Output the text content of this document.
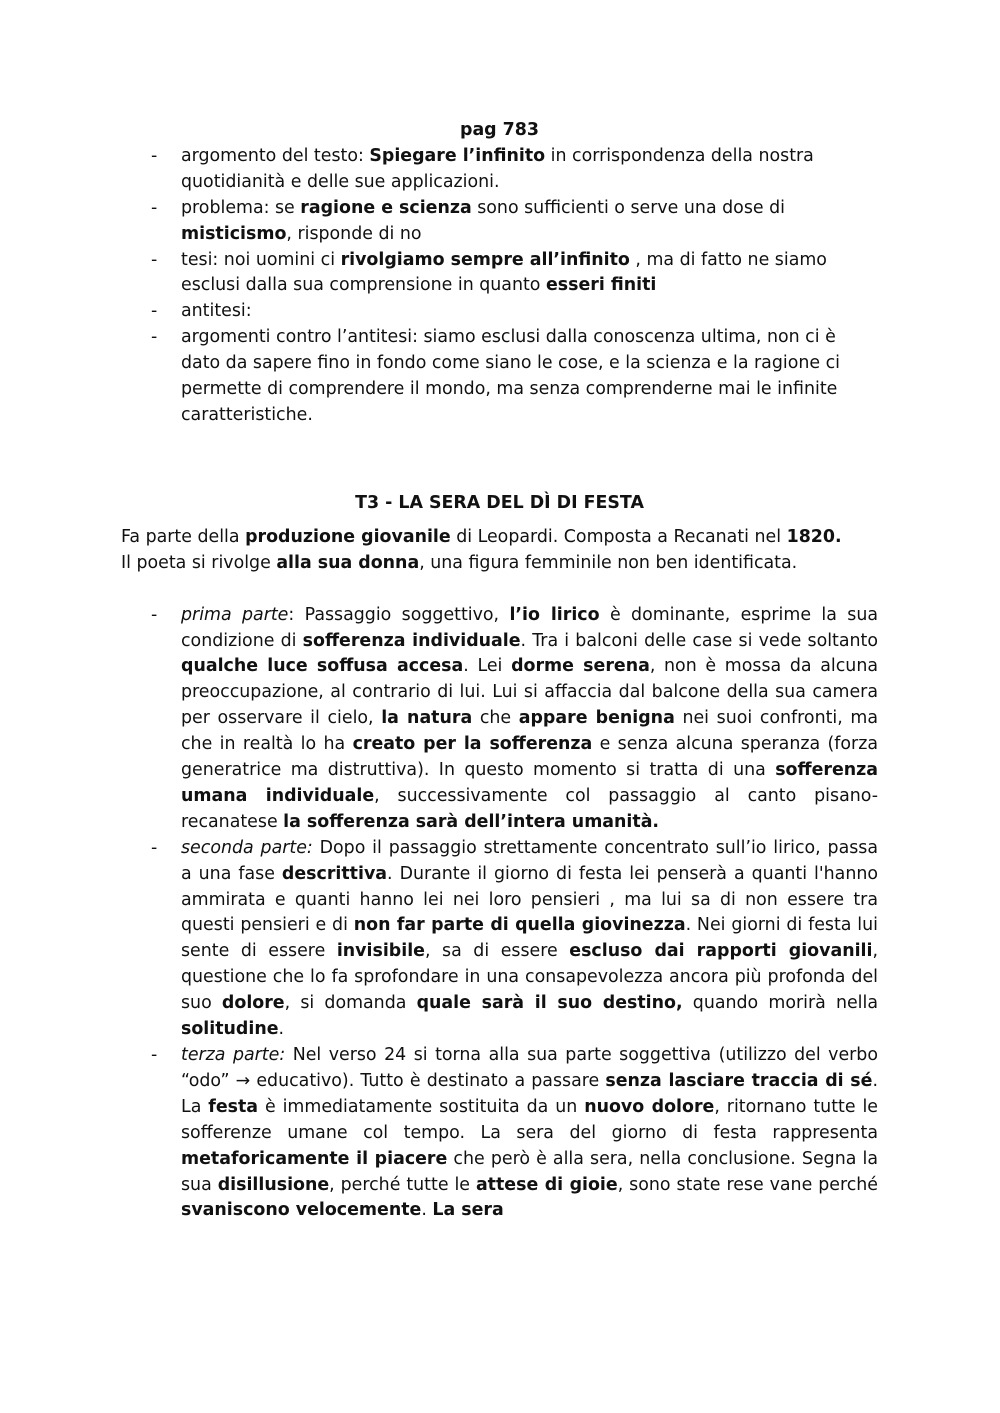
pag 783
- argomento del testo: Spiegare l’infinito in corrispondenza della nostra quotidianità e delle sue applicazioni.
- problema: se ragione e scienza sono sufficienti o serve una dose di misticismo, risponde di no
- tesi: noi uomini ci rivolgiamo sempre all’infinito , ma di fatto ne siamo esclusi dalla sua comprensione in quanto esseri finiti
- antitesi:
- argomenti contro l’antitesi: siamo esclusi dalla conoscenza ultima, non ci è dato da sapere fino in fondo come siano le cose, e la scienza e la ragione ci permette di comprendere il mondo, ma senza comprenderne mai le infinite caratteristiche.
T3 - LA SERA DEL DÌ DI FESTA

Fa parte della produzione giovanile di Leopardi. Composta a Recanati nel 1820.

Il poeta si rivolge alla sua donna, una figura femminile non ben identificata.

- prima parte: Passaggio soggettivo, l’io lirico è dominante, esprime la sua condizione di sofferenza individuale. Tra i balconi delle case si vede soltanto qualche luce soffusa accesa. Lei dorme serena, non è mossa da alcuna preoccupazione, al contrario di lui. Lui si affaccia dal balcone della sua camera per osservare il cielo, la natura che appare benigna nei suoi confronti, ma che in realtà lo ha creato per la sofferenza e senza alcuna speranza (forza generatrice ma distruttiva). In questo momento si tratta di una sofferenza umana individuale, successivamente col passaggio al canto pisano-recanatese la sofferenza sarà dell’intera umanità.
- seconda parte: Dopo il passaggio strettamente concentrato sull’io lirico, passa a una fase descrittiva. Durante il giorno di festa lei penserà a quanti l'hanno ammirata e quanti hanno lei nei loro pensieri , ma lui sa di non essere tra questi pensieri e di non far parte di quella giovinezza. Nei giorni di festa lui sente di essere invisibile, sa di essere escluso dai rapporti giovanili, questione che lo fa sprofondare in una consapevolezza ancora più profonda del suo dolore, si domanda quale sarà il suo destino, quando morirà nella solitudine.
- terza parte: Nel verso 24 si torna alla sua parte soggettiva (utilizzo del verbo “odo” → educativo). Tutto è destinato a passare senza lasciare traccia di sé. La festa è immediatamente sostituita da un nuovo dolore, ritornano tutte le sofferenze umane col tempo. La sera del giorno di festa rappresenta metaforicamente il piacere che però è alla sera, nella conclusione. Segna la sua disillusione, perché tutte le attese di gioie, sono state rese vane perché svaniscono velocemente. La sera
